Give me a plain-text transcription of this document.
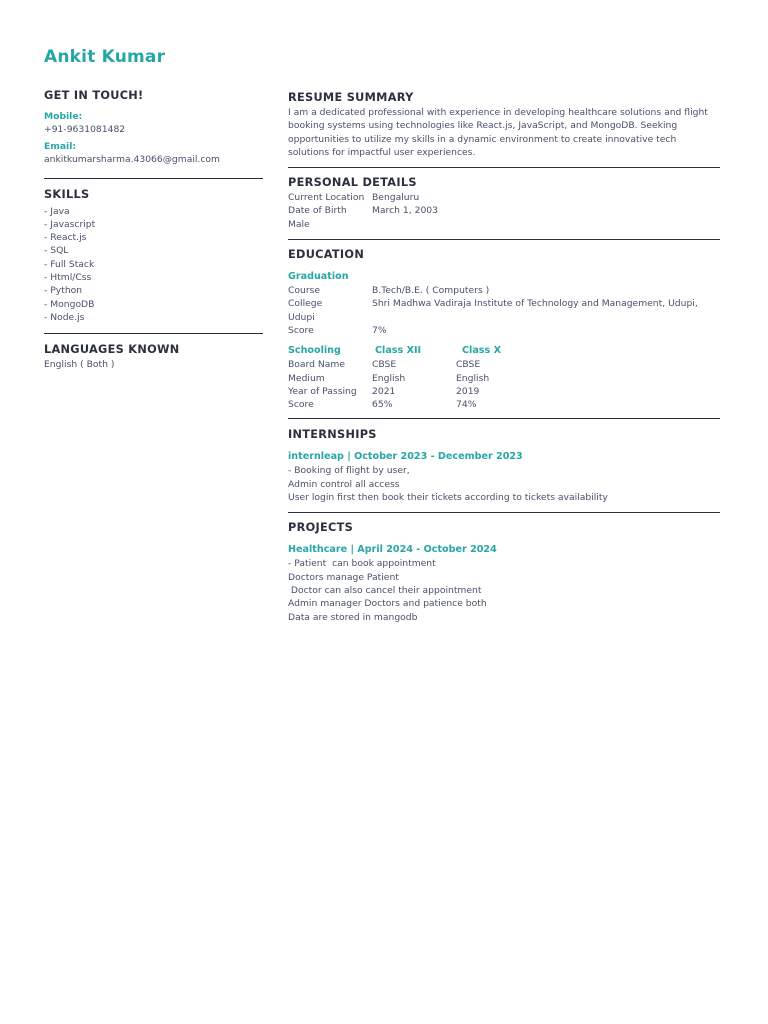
Ankit Kumar
GET IN TOUCH!
Mobile:
+91-9631081482
Email:
ankitkumarsharma.43066@gmail.com
SKILLS
- Java
- Javascript
- React.js
- SQL
- Full Stack
- Html/Css
- Python
- MongoDB
- Node.js
LANGUAGES KNOWN
English ( Both )
RESUME SUMMARY
I am a dedicated professional with experience in developing healthcare solutions and flight booking systems using technologies like React.js, JavaScript, and MongoDB. Seeking opportunities to utilize my skills in a dynamic environment to create innovative tech solutions for impactful user experiences.
PERSONAL DETAILS
Current Location Bengaluru
Date of Birth	March 1, 2003
Male
EDUCATION
Graduation
Course	B.Tech/B.E. ( Computers )
College	Shri Madhwa Vadiraja Institute of Technology and Management, Udupi,
Udupi
Score	7%
Schooling	Class XII	Class X
Board Name	CBSE	CBSE
Medium	English	English
Year of Passing	2021	2019
Score	65%	74%
INTERNSHIPS
internleap | October 2023 - December 2023
- Booking of flight by user,
Admin control all access
User login first then book their tickets according to tickets availability
PROJECTS
Healthcare | April 2024 - October 2024
- Patient  can book appointment
Doctors manage Patient
Doctor can also cancel their appointment
Admin manager Doctors and patience both
Data are stored in mangodb
